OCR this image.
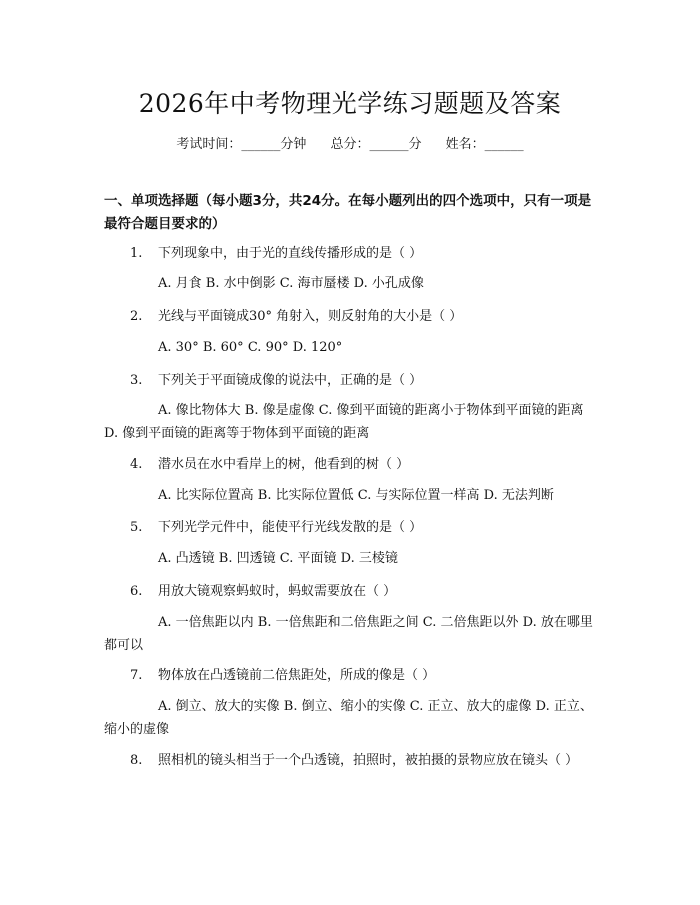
2026年中考物理光学练习题题及答案
考试时间：______分钟 总分：______分 姓名：______
一、单项选择题（每小题3分，共24分。在每小题列出的四个选项中，只有一项是最符合题目要求的）
1.	下列现象中，由于光的直线传播形成的是（ ）
A. 月食 B. 水中倒影 C. 海市蜃楼 D. 小孔成像
2.	光线与平面镜成30° 角射入，则反射角的大小是（ ）
A. 30° B. 60° C. 90° D. 120°
3.	下列关于平面镜成像的说法中，正确的是（ ）
A. 像比物体大 B. 像是虚像 C. 像到平面镜的距离小于物体到平面镜的距离 D. 像到平面镜的距离等于物体到平面镜的距离
4.	潜水员在水中看岸上的树，他看到的树（ ）
A. 比实际位置高 B. 比实际位置低 C. 与实际位置一样高 D. 无法判断
5.	下列光学元件中，能使平行光线发散的是（ ）
A. 凸透镜 B. 凹透镜 C. 平面镜 D. 三棱镜
6.	用放大镜观察蚂蚁时，蚂蚁需要放在（ ）
A. 一倍焦距以内 B. 一倍焦距和二倍焦距之间 C. 二倍焦距以外 D. 放在哪里都可以
7.	物体放在凸透镜前二倍焦距处，所成的像是（ ）
A. 倒立、放大的实像 B. 倒立、缩小的实像 C. 正立、放大的虚像 D. 正立、缩小的虚像
8.	照相机的镜头相当于一个凸透镜，拍照时，被拍摄的景物应放在镜头（ ）
